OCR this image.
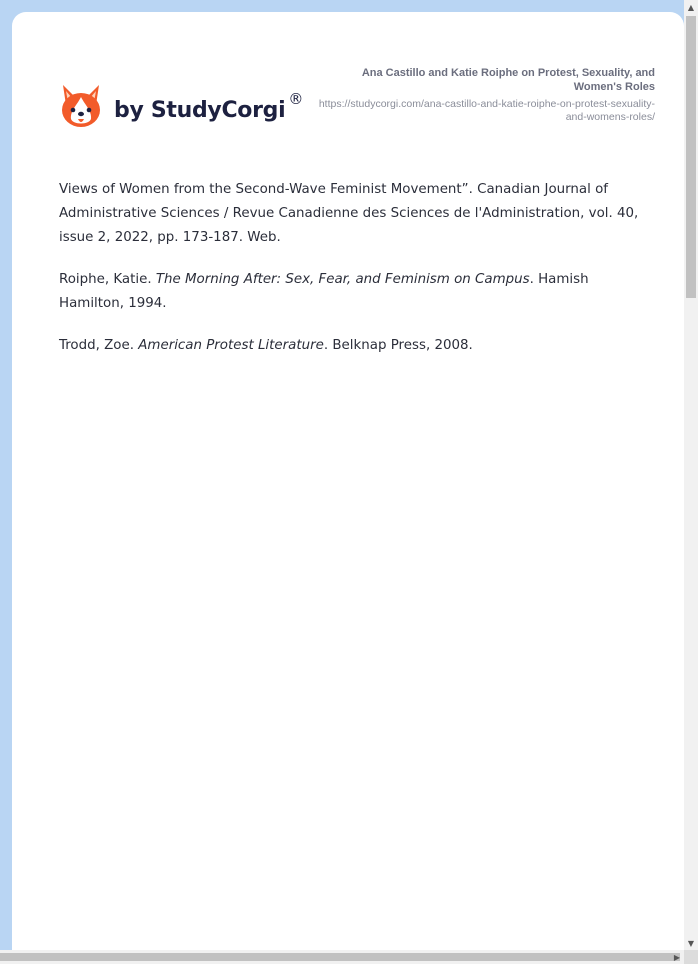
by StudyCorgi ®
Ana Castillo and Katie Roiphe on Protest, Sexuality, and Women's Roles
https://studycorgi.com/ana-castillo-and-katie-roiphe-on-protest-sexuality-and-womens-roles/

Views of Women from the Second-Wave Feminist Movement”. Canadian Journal of Administrative Sciences / Revue Canadienne des Sciences de l'Administration, vol. 40, issue 2, 2022, pp. 173-187. Web.

Roiphe, Katie. The Morning After: Sex, Fear, and Feminism on Campus. Hamish Hamilton, 1994.

Trodd, Zoe. American Protest Literature. Belknap Press, 2008.

▲
▼
▶
